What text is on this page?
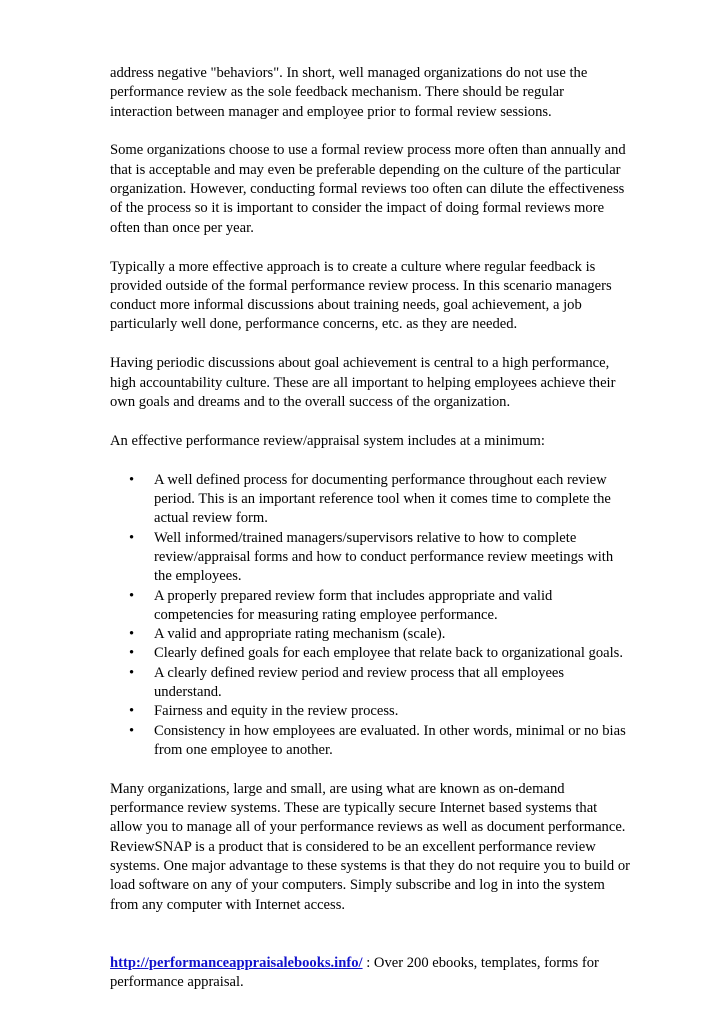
address negative "behaviors". In short, well managed organizations do not use the performance review as the sole feedback mechanism. There should be regular interaction between manager and employee prior to formal review sessions.

Some organizations choose to use a formal review process more often than annually and that is acceptable and may even be preferable depending on the culture of the particular organization. However, conducting formal reviews too often can dilute the effectiveness of the process so it is important to consider the impact of doing formal reviews more often than once per year.

Typically a more effective approach is to create a culture where regular feedback is provided outside of the formal performance review process. In this scenario managers conduct more informal discussions about training needs, goal achievement, a job particularly well done, performance concerns, etc. as they are needed.

Having periodic discussions about goal achievement is central to a high performance, high accountability culture. These are all important to helping employees achieve their own goals and dreams and to the overall success of the organization.

An effective performance review/appraisal system includes at a minimum:

• A well defined process for documenting performance throughout each review period. This is an important reference tool when it comes time to complete the actual review form.
• Well informed/trained managers/supervisors relative to how to complete review/appraisal forms and how to conduct performance review meetings with the employees.
• A properly prepared review form that includes appropriate and valid competencies for measuring rating employee performance.
• A valid and appropriate rating mechanism (scale).
• Clearly defined goals for each employee that relate back to organizational goals.
• A clearly defined review period and review process that all employees understand.
• Fairness and equity in the review process.
• Consistency in how employees are evaluated. In other words, minimal or no bias from one employee to another.

Many organizations, large and small, are using what are known as on-demand performance review systems. These are typically secure Internet based systems that allow you to manage all of your performance reviews as well as document performance. ReviewSNAP is a product that is considered to be an excellent performance review systems. One major advantage to these systems is that they do not require you to build or load software on any of your computers. Simply subscribe and log in into the system from any computer with Internet access.

http://performanceappraisalebooks.info/ : Over 200 ebooks, templates, forms for performance appraisal.
